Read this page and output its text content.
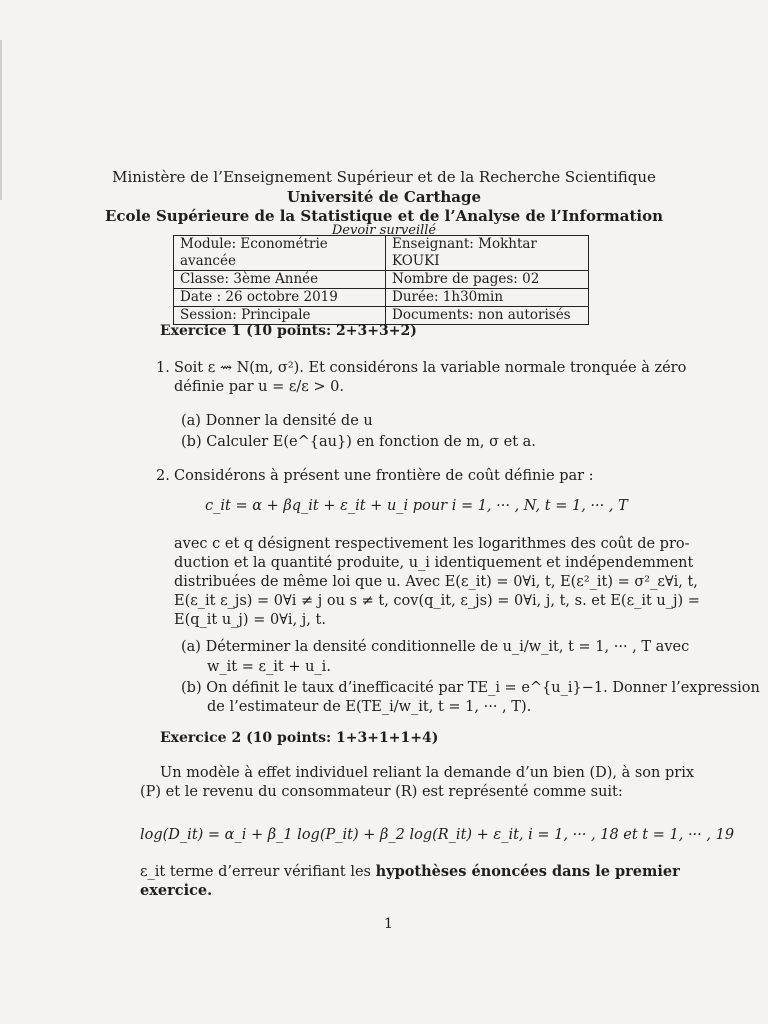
Ministère de l’Enseignement Supérieur et de la Recherche Scientifique
Université de Carthage
Ecole Supérieure de la Statistique et de l’Analyse de l’Information
Devoir surveillé
Module: Econométrie avancée	Enseignant: Mokhtar KOUKI
Classe: 3ème Année	Nombre de pages: 02
Date : 26 octobre 2019	Durée: 1h30min
Session: Principale	Documents: non autorisés
Exercice 1 (10 points: 2+3+3+2)
1. Soit ε ⇝ N(m, σ²). Et considérons la variable normale tronquée à zéro
définie par u = ε/ε > 0.
(a) Donner la densité de u
(b) Calculer E(e^{au}) en fonction de m, σ et a.
2. Considérons à présent une frontière de coût définie par :
c_it = α + βq_it + ε_it + u_i pour i = 1, ··· , N, t = 1, ··· , T
avec c et q désignent respectivement les logarithmes des coût de pro-
duction et la quantité produite, u_i identiquement et indépendemment
distribuées de même loi que u. Avec E(ε_it) = 0∀i, t, E(ε²_it) = σ²_ε∀i, t,
E(ε_it ε_js) = 0∀i ≠ j ou s ≠ t, cov(q_it, ε_js) = 0∀i, j, t, s. et E(ε_it u_j) =
E(q_it u_j) = 0∀i, j, t.
(a) Déterminer la densité conditionnelle de u_i/w_it, t = 1, ··· , T avec
w_it = ε_it + u_i.
(b) On définit le taux d’inefficacité par TE_i = e^{u_i}−1. Donner l’expression
de l’estimateur de E(TE_i/w_it, t = 1, ··· , T).
Exercice 2 (10 points: 1+3+1+1+4)
Un modèle à effet individuel reliant la demande d’un bien (D), à son prix
(P) et le revenu du consommateur (R) est représenté comme suit:
log(D_it) = α_i + β_1 log(P_it) + β_2 log(R_it) + ε_it, i = 1, ··· , 18 et t = 1, ··· , 19
ε_it terme d’erreur vérifiant les hypothèses énoncées dans le premier
exercice.
1
